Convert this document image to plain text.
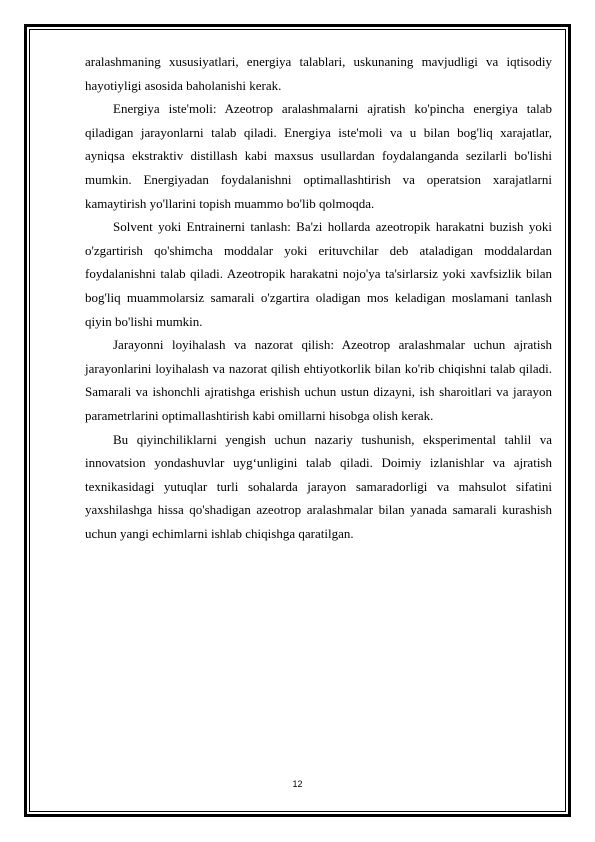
aralashmaning xususiyatlari, energiya talablari, uskunaning mavjudligi va iqtisodiy hayotiyligi asosida baholanishi kerak.

Energiya iste'moli: Azeotrop aralashmalarni ajratish ko'pincha energiya talab qiladigan jarayonlarni talab qiladi. Energiya iste'moli va u bilan bog'liq xarajatlar, ayniqsa ekstraktiv distillash kabi maxsus usullardan foydalanganda sezilarli bo'lishi mumkin. Energiyadan foydalanishni optimallashtirish va operatsion xarajatlarni kamaytirish yo'llarini topish muammo bo'lib qolmoqda.

Solvent yoki Entrainerni tanlash: Ba'zi hollarda azeotropik harakatni buzish yoki o'zgartirish qo'shimcha moddalar yoki erituvchilar deb ataladigan moddalardan foydalanishni talab qiladi. Azeotropik harakatni nojo'ya ta'sirlarsiz yoki xavfsizlik bilan bog'liq muammolarsiz samarali o'zgartira oladigan mos keladigan moslamani tanlash qiyin bo'lishi mumkin.

Jarayonni loyihalash va nazorat qilish: Azeotrop aralashmalar uchun ajratish jarayonlarini loyihalash va nazorat qilish ehtiyotkorlik bilan ko'rib chiqishni talab qiladi. Samarali va ishonchli ajratishga erishish uchun ustun dizayni, ish sharoitlari va jarayon parametrlarini optimallashtirish kabi omillarni hisobga olish kerak.

Bu qiyinchiliklarni yengish uchun nazariy tushunish, eksperimental tahlil va innovatsion yondashuvlar uyg‘unligini talab qiladi. Doimiy izlanishlar va ajratish texnikasidagi yutuqlar turli sohalarda jarayon samaradorligi va mahsulot sifatini yaxshilashga hissa qo'shadigan azeotrop aralashmalar bilan yanada samarali kurashish uchun yangi echimlarni ishlab chiqishga qaratilgan.

12
